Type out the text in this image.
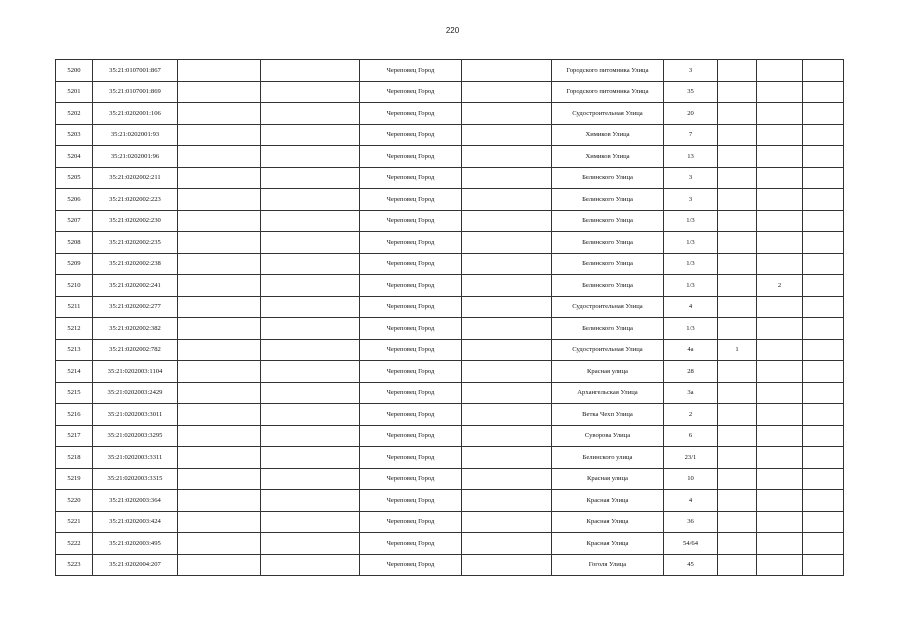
220
5200	35:21:0107001:867			Череповец Город		Городского питомника Улица	3			
5201	35:21:0107001:869			Череповец Город		Городского питомника Улица	35			
5202	35:21:0202001:106			Череповец Город		Судостроительная Улица	20			
5203	35:21:0202001:93			Череповец Город		Химиков Улица	7			
5204	35:21:0202001:96			Череповец Город		Химиков Улица	13			
5205	35:21:0202002:211			Череповец Город		Белинского Улица	3			
5206	35:21:0202002:223			Череповец Город		Белинского Улица	3			
5207	35:21:0202002:230			Череповец Город		Белинского Улица	1/3			
5208	35:21:0202002:235			Череповец Город		Белинского Улица	1/3			
5209	35:21:0202002:238			Череповец Город		Белинского Улица	1/3			
5210	35:21:0202002:241			Череповец Город		Белинского Улица	1/3		2	
5211	35:21:0202002:277			Череповец Город		Судостроительная Улица	4			
5212	35:21:0202002:382			Череповец Город		Белинского Улица	1/3			
5213	35:21:0202002:782			Череповец Город		Судостроительная Улица	4а	1		
5214	35:21:0202003:1104			Череповец Город		Красная улица	28			
5215	35:21:0202003:2429			Череповец Город		Архангельская Улица	3а			
5216	35:21:0202003:3011			Череповец Город		Ветка Чехп Улица	2			
5217	35:21:0202003:3295			Череповец Город		Суворова Улица	6			
5218	35:21:0202003:3311			Череповец Город		Белинского улица	23/1			
5219	35:21:0202003:3315			Череповец Город		Красная улица	10			
5220	35:21:0202003:364			Череповец Город		Красная Улица	4			
5221	35:21:0202003:424			Череповец Город		Красная Улица	36			
5222	35:21:0202003:495			Череповец Город		Красная Улица	54/64			
5223	35:21:0202004:207			Череповец Город		Гоголя Улица	45			
